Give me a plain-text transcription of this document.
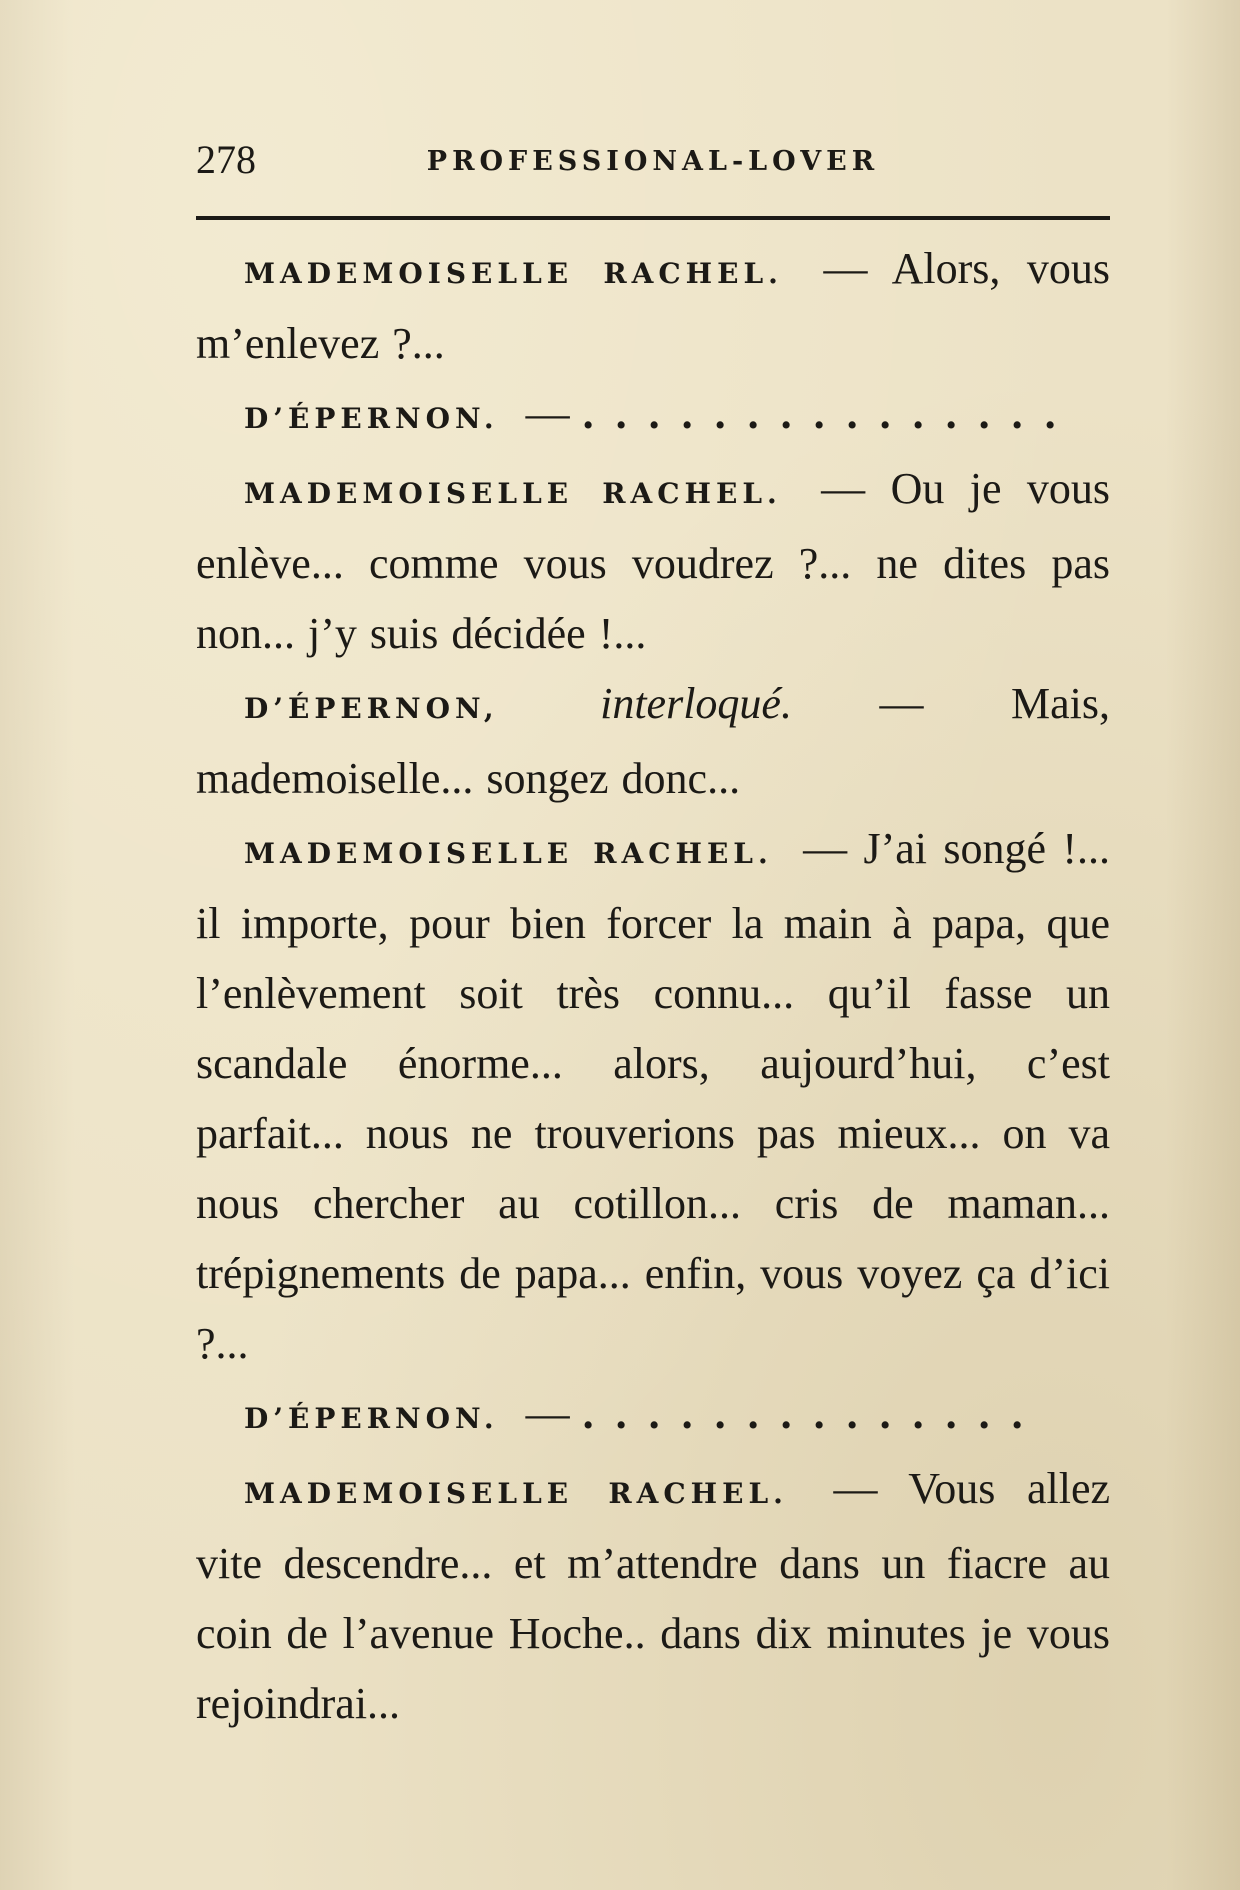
278	PROFESSIONAL-LOVER

MADEMOISELLE RACHEL. — Alors, vous m’enlevez ?...

D’ÉPERNON. — ...............

MADEMOISELLE RACHEL. — Ou je vous enlève... comme vous voudrez ?... ne dites pas non... j’y suis décidée !...

D’ÉPERNON, interloqué. — Mais, mademoiselle... songez donc...

MADEMOISELLE RACHEL. — J’ai songé !... il importe, pour bien forcer la main à papa, que l’enlèvement soit très connu... qu’il fasse un scandale énorme... alors, aujourd’hui, c’est parfait... nous ne trouverions pas mieux... on va nous chercher au cotillon... cris de maman... trépignements de papa... enfin, vous voyez ça d’ici ?...

D’ÉPERNON. — ..............

MADEMOISELLE RACHEL. — Vous allez vite descendre... et m’attendre dans un fiacre au coin de l’avenue Hoche.. dans dix minutes je vous rejoindrai...
